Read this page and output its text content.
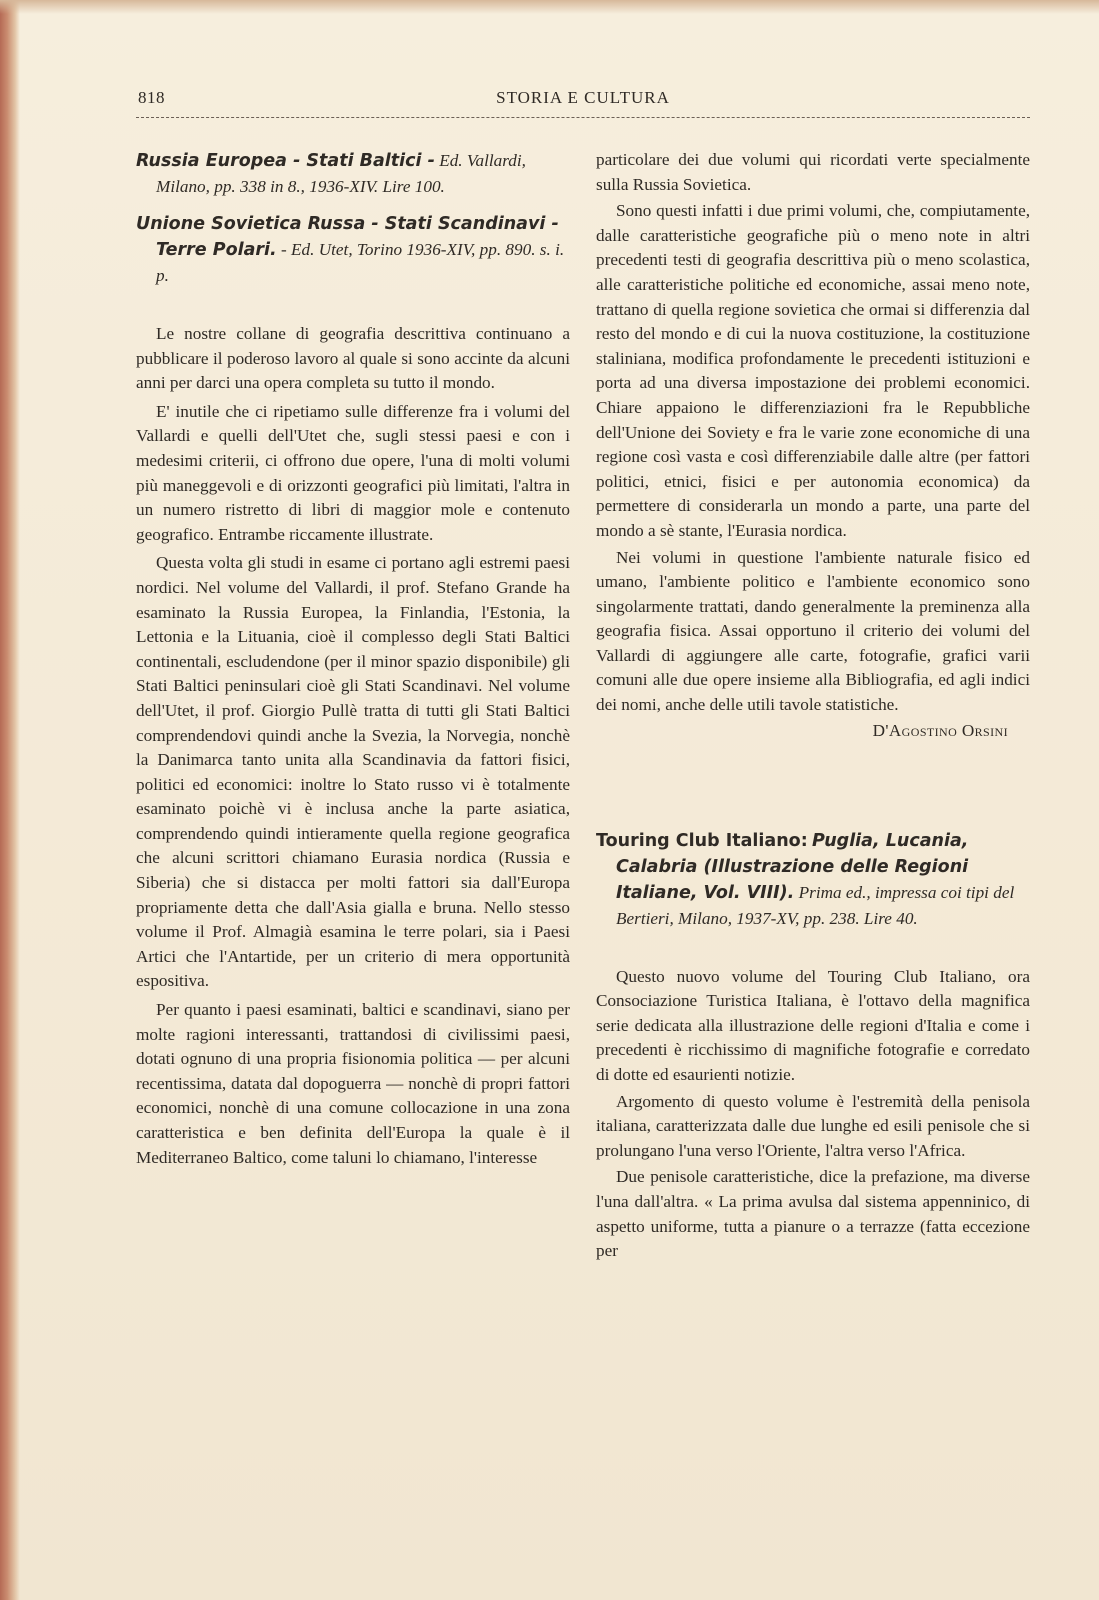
818	STORIA E CULTURA
Russia Europea - Stati Baltici - Ed. Vallardi, Milano, pp. 338 in 8., 1936-XIV. Lire 100.
Unione Sovietica Russa - Stati Scandinavi - Terre Polari. - Ed. Utet, Torino 1936-XIV, pp. 890. s. i. p.

Le nostre collane di geografia descrittiva continuano a pubblicare il poderoso lavoro al quale si sono accinte da alcuni anni per darci una opera completa su tutto il mondo.

E' inutile che ci ripetiamo sulle differenze fra i volumi del Vallardi e quelli dell'Utet che, sugli stessi paesi e con i medesimi criterii, ci offrono due opere, l'una di molti volumi più maneggevoli e di orizzonti geografici più limitati, l'altra in un numero ristretto di libri di maggior mole e contenuto geografico. Entrambe riccamente illustrate.

Questa volta gli studi in esame ci portano agli estremi paesi nordici. Nel volume del Vallardi, il prof. Stefano Grande ha esaminato la Russia Europea, la Finlandia, l'Estonia, la Lettonia e la Lituania, cioè il complesso degli Stati Baltici continentali, escludendone (per il minor spazio disponibile) gli Stati Baltici peninsulari cioè gli Stati Scandinavi. Nel volume dell'Utet, il prof. Giorgio Pullè tratta di tutti gli Stati Baltici comprendendovi quindi anche la Svezia, la Norvegia, nonchè la Danimarca tanto unita alla Scandinavia da fattori fisici, politici ed economici: inoltre lo Stato russo vi è totalmente esaminato poichè vi è inclusa anche la parte asiatica, comprendendo quindi intieramente quella regione geografica che alcuni scrittori chiamano Eurasia nordica (Russia e Siberia) che si distacca per molti fattori sia dall'Europa propriamente detta che dall'Asia gialla e bruna. Nello stesso volume il Prof. Almagià esamina le terre polari, sia i Paesi Artici che l'Antartide, per un criterio di mera opportunità espositiva.

Per quanto i paesi esaminati, baltici e scandinavi, siano per molte ragioni interessanti, trattandosi di civilissimi paesi, dotati ognuno di una propria fisionomia politica — per alcuni recentissima, datata dal dopoguerra — nonchè di propri fattori economici, nonchè di una comune collocazione in una zona caratteristica e ben definita dell'Europa la quale è il Mediterraneo Baltico, come taluni lo chiamano, l'interesse

particolare dei due volumi qui ricordati verte specialmente sulla Russia Sovietica.

Sono questi infatti i due primi volumi, che, compiutamente, dalle caratteristiche geografiche più o meno note in altri precedenti testi di geografia descrittiva più o meno scolastica, alle caratteristiche politiche ed economiche, assai meno note, trattano di quella regione sovietica che ormai si differenzia dal resto del mondo e di cui la nuova costituzione, la costituzione staliniana, modifica profondamente le precedenti istituzioni e porta ad una diversa impostazione dei problemi economici. Chiare appaiono le differenziazioni fra le Repubbliche dell'Unione dei Soviety e fra le varie zone economiche di una regione così vasta e così differenziabile dalle altre (per fattori politici, etnici, fisici e per autonomia economica) da permettere di considerarla un mondo a parte, una parte del mondo a sè stante, l'Eurasia nordica.

Nei volumi in questione l'ambiente naturale fisico ed umano, l'ambiente politico e l'ambiente economico sono singolarmente trattati, dando generalmente la preminenza alla geografia fisica. Assai opportuno il criterio dei volumi del Vallardi di aggiungere alle carte, fotografie, grafici varii comuni alle due opere insieme alla Bibliografia, ed agli indici dei nomi, anche delle utili tavole statistiche.

D'Agostino Orsini
Touring Club Italiano: Puglia, Lucania, Calabria (Illustrazione delle Regioni Italiane, Vol. VIII). Prima ed., impressa coi tipi del Bertieri, Milano, 1937-XV, pp. 238. Lire 40.

Questo nuovo volume del Touring Club Italiano, ora Consociazione Turistica Italiana, è l'ottavo della magnifica serie dedicata alla illustrazione delle regioni d'Italia e come i precedenti è ricchissimo di magnifiche fotografie e corredato di dotte ed esaurienti notizie.

Argomento di questo volume è l'estremità della penisola italiana, caratterizzata dalle due lunghe ed esili penisole che si prolungano l'una verso l'Oriente, l'altra verso l'Africa.

Due penisole caratteristiche, dice la prefazione, ma diverse l'una dall'altra. « La prima avulsa dal sistema appenninico, di aspetto uniforme, tutta a pianure o a terrazze (fatta eccezione per
